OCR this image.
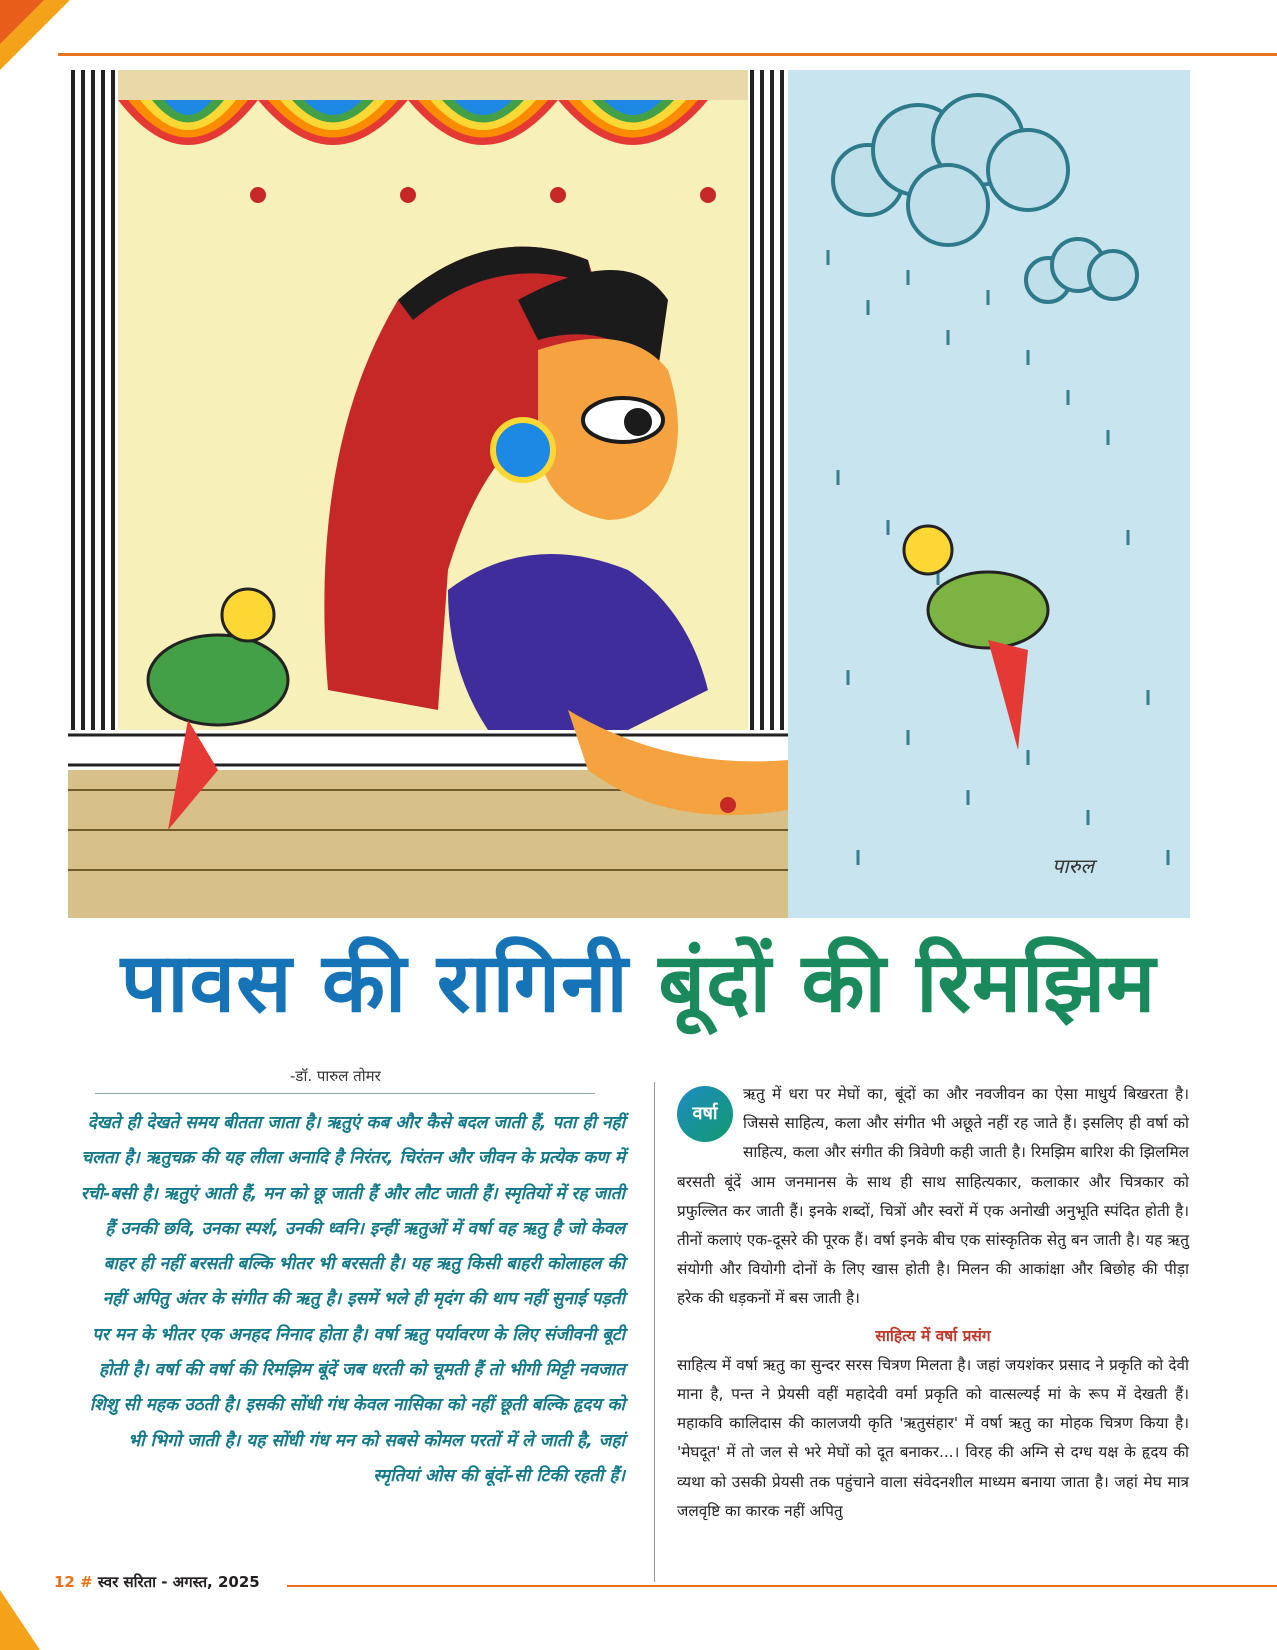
पारुल
पावस की रागिनी बूंदों की रिमझिम
-डॉ. पारुल तोमर
देखते ही देखते समय बीतता जाता है। ऋतुएं कब और कैसे बदल जाती हैं, पता ही नहीं चलता है। ऋतुचक्र की यह लीला अनादि है निरंतर, चिरंतन और जीवन के प्रत्येक कण में रची-बसी है। ऋतुएं आती हैं, मन को छू जाती हैं और लौट जाती हैं। स्मृतियों में रह जाती हैं उनकी छवि, उनका स्पर्श, उनकी ध्वनि। इन्हीं ऋतुओं में वर्षा वह ऋतु है जो केवल बाहर ही नहीं बरसती बल्कि भीतर भी बरसती है। यह ऋतु किसी बाहरी कोलाहल की नहीं अपितु अंतर के संगीत की ऋतु है। इसमें भले ही मृदंग की थाप नहीं सुनाई पड़ती पर मन के भीतर एक अनहद निनाद होता है। वर्षा ऋतु पर्यावरण के लिए संजीवनी बूटी होती है। वर्षा की वर्षा की रिमझिम बूंदें जब धरती को चूमती हैं तो भीगी मिट्टी नवजात शिशु सी महक उठती है। इसकी सोंधी गंध केवल नासिका को नहीं छूती बल्कि हृदय को भी भिगो जाती है। यह सोंधी गंध मन को सबसे कोमल परतों में ले जाती है, जहां स्मृतियां ओस की बूंदों-सी टिकी रहती हैं।
वर्षा

ऋतु में धरा पर मेघों का, बूंदों का और नवजीवन का ऐसा माधुर्य बिखरता है। जिससे साहित्य, कला और संगीत भी अछूते नहीं रह जाते हैं। इसलिए ही वर्षा को साहित्य, कला और संगीत की त्रिवेणी कही जाती है। रिमझिम बारिश की झिलमिल बरसती बूंदें आम जनमानस के साथ ही साथ साहित्यकार, कलाकार और चित्रकार को प्रफुल्लित कर जाती हैं। इनके शब्दों, चित्रों और स्वरों में एक अनोखी अनुभूति स्पंदित होती है। तीनों कलाएं एक-दूसरे की पूरक हैं। वर्षा इनके बीच एक सांस्कृतिक सेतु बन जाती है। यह ऋतु संयोगी और वियोगी दोनों के लिए खास होती है। मिलन की आकांक्षा और बिछोह की पीड़ा हरेक की धड़कनों में बस जाती है।

साहित्य में वर्षा प्रसंग

साहित्य में वर्षा ऋतु का सुन्दर सरस चित्रण मिलता है। जहां जयशंकर प्रसाद ने प्रकृति को देवी माना है, पन्त ने प्रेयसी वहीं महादेवी वर्मा प्रकृति को वात्सल्यई मां के रूप में देखती हैं। महाकवि कालिदास की कालजयी कृति 'ऋतुसंहार' में वर्षा ऋतु का मोहक चित्रण किया है। 'मेघदूत' में तो जल से भरे मेघों को दूत बनाकर...। विरह की अग्नि से दग्ध यक्ष के हृदय की व्यथा को उसकी प्रेयसी तक पहुंचाने वाला संवेदनशील माध्यम बनाया जाता है। जहां मेघ मात्र जलवृष्टि का कारक नहीं अपितु

12 # स्वर सरिता - अगस्त, 2025
